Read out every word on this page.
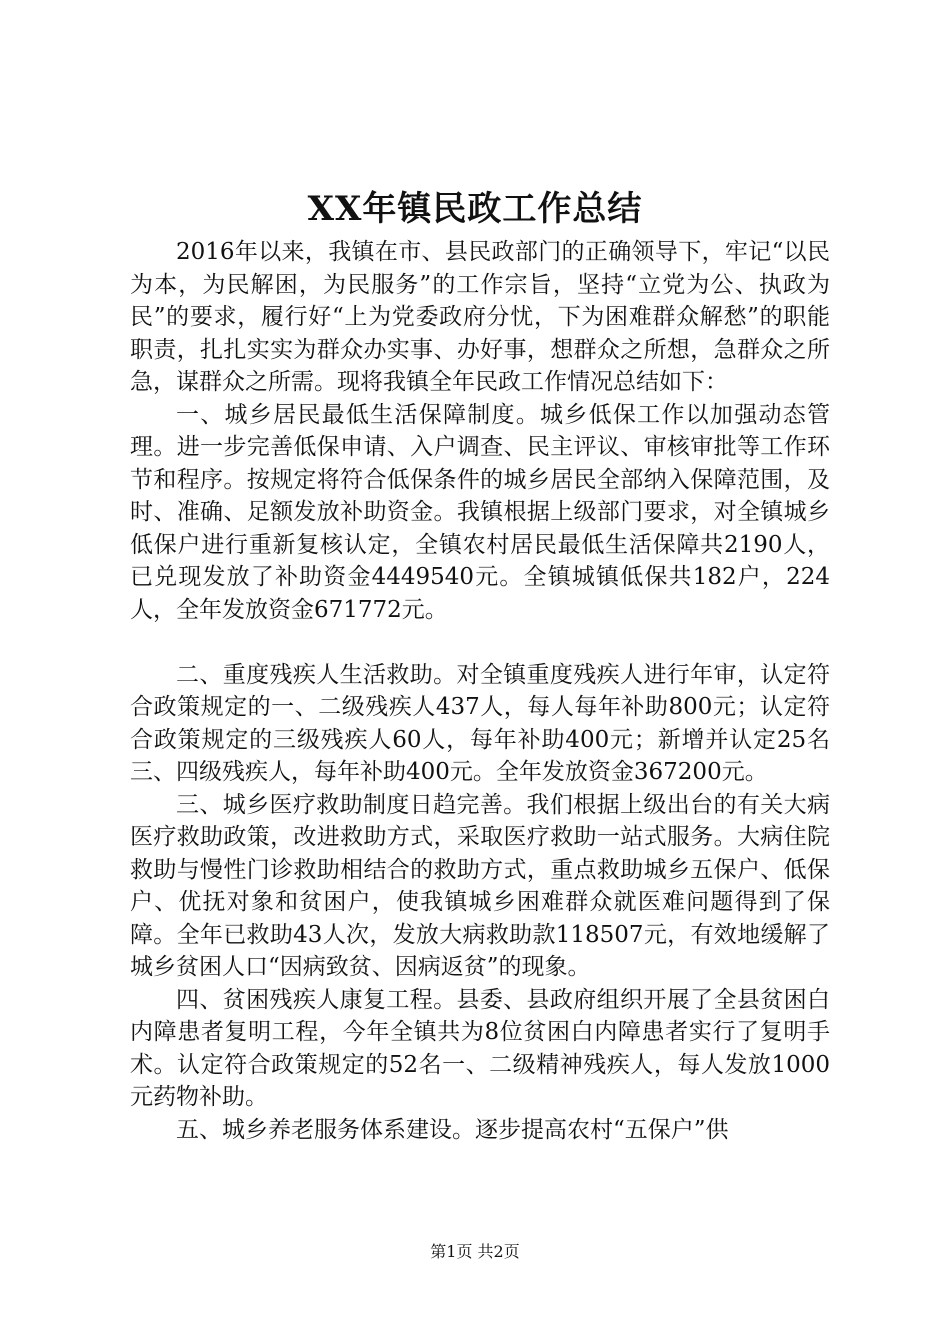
XX年镇民政工作总结

2016年以来，我镇在市、县民政部门的正确领导下，牢记“以民为本，为民解困，为民服务”的工作宗旨，坚持“立党为公、执政为民”的要求，履行好“上为党委政府分忧，下为困难群众解愁”的职能职责，扎扎实实为群众办实事、办好事，想群众之所想，急群众之所急，谋群众之所需。现将我镇全年民政工作情况总结如下：

一、城乡居民最低生活保障制度。城乡低保工作以加强动态管理。进一步完善低保申请、入户调查、民主评议、审核审批等工作环节和程序。按规定将符合低保条件的城乡居民全部纳入保障范围，及时、准确、足额发放补助资金。我镇根据上级部门要求，对全镇城乡低保户进行重新复核认定，全镇农村居民最低生活保障共2190人，已兑现发放了补助资金4449540元。全镇城镇低保共182户，224人，全年发放资金671772元。

二、重度残疾人生活救助。对全镇重度残疾人进行年审，认定符合政策规定的一、二级残疾人437人，每人每年补助800元；认定符合政策规定的三级残疾人60人，每年补助400元；新增并认定25名三、四级残疾人，每年补助400元。全年发放资金367200元。

三、城乡医疗救助制度日趋完善。我们根据上级出台的有关大病医疗救助政策，改进救助方式，采取医疗救助一站式服务。大病住院救助与慢性门诊救助相结合的救助方式，重点救助城乡五保户、低保户、优抚对象和贫困户，使我镇城乡困难群众就医难问题得到了保障。全年已救助43人次，发放大病救助款118507元，有效地缓解了城乡贫困人口“因病致贫、因病返贫”的现象。

四、贫困残疾人康复工程。县委、县政府组织开展了全县贫困白内障患者复明工程，今年全镇共为8位贫困白内障患者实行了复明手术。认定符合政策规定的52名一、二级精神残疾人，每人发放1000元药物补助。

五、城乡养老服务体系建设。逐步提高农村“五保户”供

第1页 共2页
